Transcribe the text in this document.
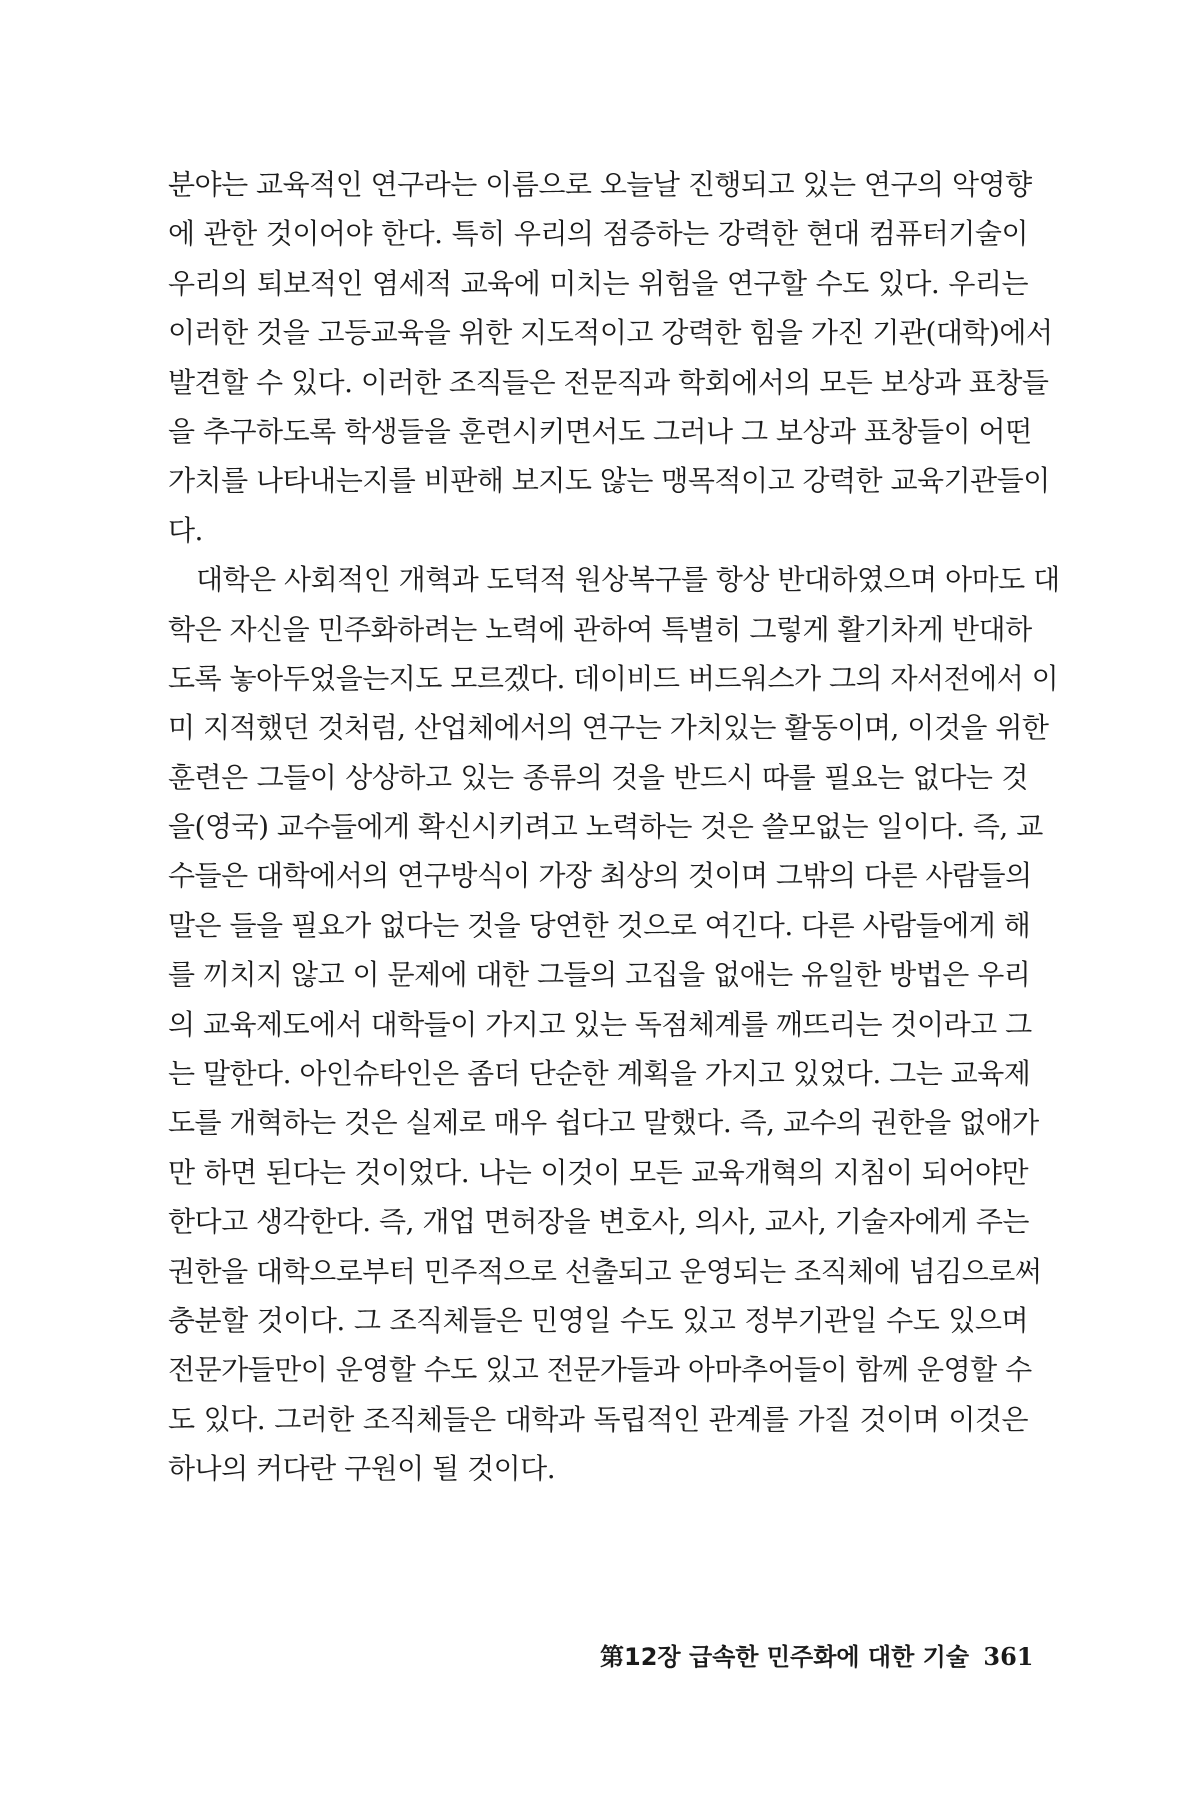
분야는 교육적인 연구라는 이름으로 오늘날 진행되고 있는 연구의 악영향
에 관한 것이어야 한다. 특히 우리의 점증하는 강력한 현대 컴퓨터기술이
우리의 퇴보적인 염세적 교육에 미치는 위험을 연구할 수도 있다. 우리는
이러한 것을 고등교육을 위한 지도적이고 강력한 힘을 가진 기관(대학)에서
발견할 수 있다. 이러한 조직들은 전문직과 학회에서의 모든 보상과 표창들
을 추구하도록 학생들을 훈련시키면서도 그러나 그 보상과 표창들이 어떤
가치를 나타내는지를 비판해 보지도 않는 맹목적이고 강력한 교육기관들이
다.
대학은 사회적인 개혁과 도덕적 원상복구를 항상 반대하였으며 아마도 대
학은 자신을 민주화하려는 노력에 관하여 특별히 그렇게 활기차게 반대하
도록 놓아두었을는지도 모르겠다. 데이비드 버드워스가 그의 자서전에서 이
미 지적했던 것처럼, 산업체에서의 연구는 가치있는 활동이며, 이것을 위한
훈련은 그들이 상상하고 있는 종류의 것을 반드시 따를 필요는 없다는 것
을(영국) 교수들에게 확신시키려고 노력하는 것은 쓸모없는 일이다. 즉, 교
수들은 대학에서의 연구방식이 가장 최상의 것이며 그밖의 다른 사람들의
말은 들을 필요가 없다는 것을 당연한 것으로 여긴다. 다른 사람들에게 해
를 끼치지 않고 이 문제에 대한 그들의 고집을 없애는 유일한 방법은 우리
의 교육제도에서 대학들이 가지고 있는 독점체계를 깨뜨리는 것이라고 그
는 말한다. 아인슈타인은 좀더 단순한 계획을 가지고 있었다. 그는 교육제
도를 개혁하는 것은 실제로 매우 쉽다고 말했다. 즉, 교수의 권한을 없애가
만 하면 된다는 것이었다. 나는 이것이 모든 교육개혁의 지침이 되어야만
한다고 생각한다. 즉, 개업 면허장을 변호사, 의사, 교사, 기술자에게 주는
권한을 대학으로부터 민주적으로 선출되고 운영되는 조직체에 넘김으로써
충분할 것이다. 그 조직체들은 민영일 수도 있고 정부기관일 수도 있으며
전문가들만이 운영할 수도 있고 전문가들과 아마추어들이 함께 운영할 수
도 있다. 그러한 조직체들은 대학과 독립적인 관계를 가질 것이며 이것은
하나의 커다란 구원이 될 것이다.
第12장 급속한 민주화에 대한 기술 361
